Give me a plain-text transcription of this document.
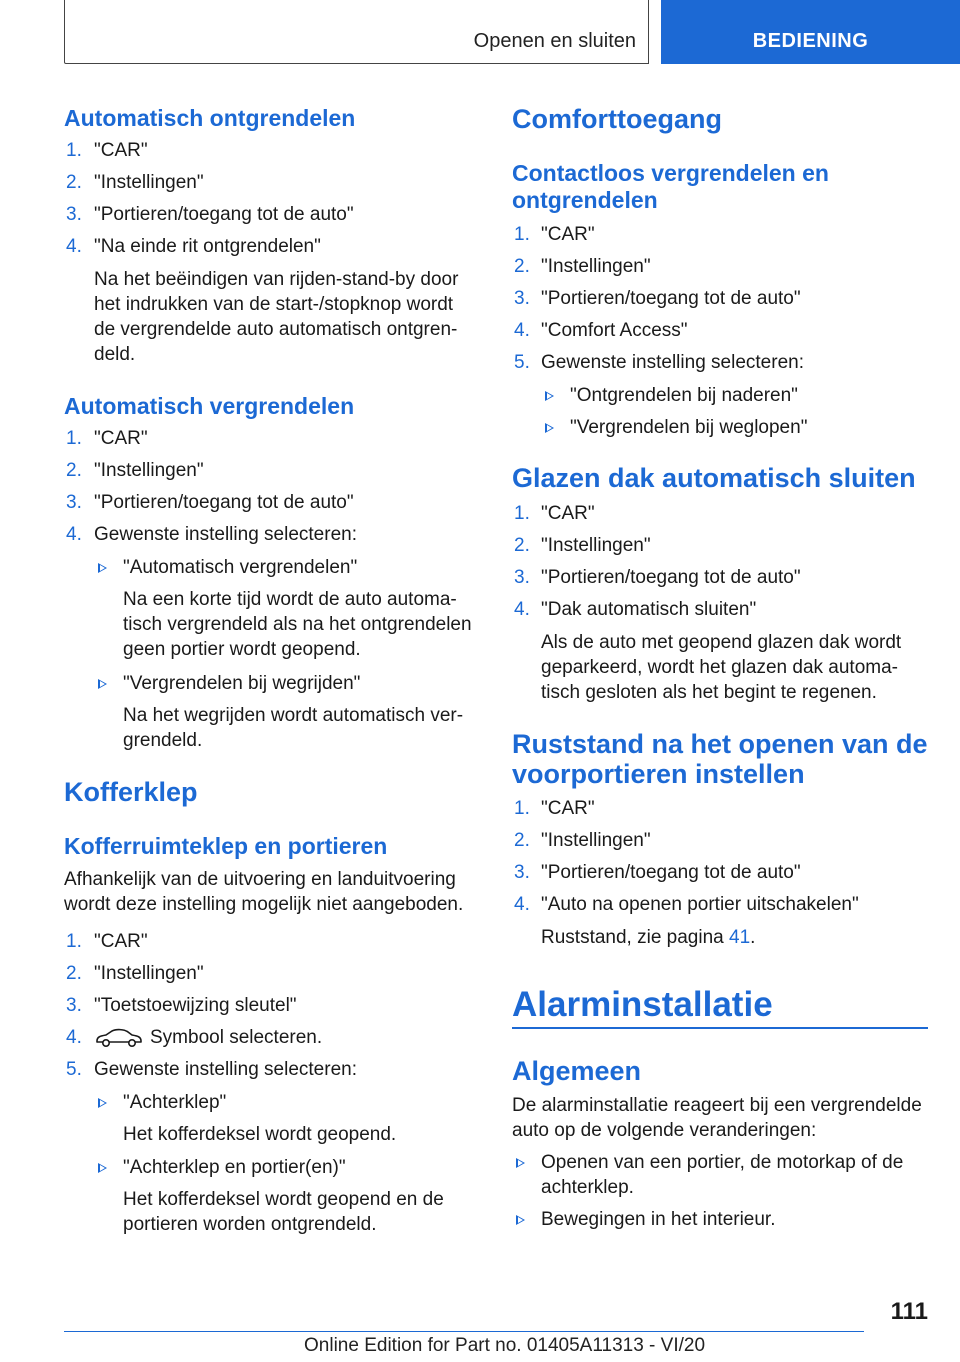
Openen en sluiten	BEDIENING
Automatisch ontgrendelen
1. "CAR"
2. "Instellingen"
3. "Portieren/toegang tot de auto"
4. "Na einde rit ontgrendelen"
Na het beëindigen van rijden-stand-by door
het indrukken van de start-/stopknop wordt
de vergrendelde auto automatisch ontgren-
deld.
Automatisch vergrendelen
1. "CAR"
2. "Instellingen"
3. "Portieren/toegang tot de auto"
4. Gewenste instelling selecteren:
"Automatisch vergrendelen"
Na een korte tijd wordt de auto automa-
tisch vergrendeld als na het ontgrendelen
geen portier wordt geopend.
"Vergrendelen bij wegrijden"
Na het wegrijden wordt automatisch ver-
grendeld.
Kofferklep
Kofferruimteklep en portieren
Afhankelijk van de uitvoering en landuitvoering
wordt deze instelling mogelijk niet aangeboden.
1. "CAR"
2. "Instellingen"
3. "Toetstoewijzing sleutel"
4.	Symbool selecteren.
5. Gewenste instelling selecteren:
"Achterklep"
Het kofferdeksel wordt geopend.
"Achterklep en portier(en)"
Het kofferdeksel wordt geopend en de
portieren worden ontgrendeld.
Comforttoegang
Contactloos vergrendelen en
ontgrendelen
1. "CAR"
2. "Instellingen"
3. "Portieren/toegang tot de auto"
4. "Comfort Access"
5. Gewenste instelling selecteren:
"Ontgrendelen bij naderen"
"Vergrendelen bij weglopen"
Glazen dak automatisch sluiten
1. "CAR"
2. "Instellingen"
3. "Portieren/toegang tot de auto"
4. "Dak automatisch sluiten"
Als de auto met geopend glazen dak wordt
geparkeerd, wordt het glazen dak automa-
tisch gesloten als het begint te regenen.
Ruststand na het openen van de
voorportieren instellen
1. "CAR"
2. "Instellingen"
3. "Portieren/toegang tot de auto"
4. "Auto na openen portier uitschakelen"
Ruststand, zie pagina 41.
Alarminstallatie
Algemeen
De alarminstallatie reageert bij een vergrendelde
auto op de volgende veranderingen:
Openen van een portier, de motorkap of de
achterklep.
Bewegingen in het interieur.
111
Online Edition for Part no. 01405A11313 - VI/20
